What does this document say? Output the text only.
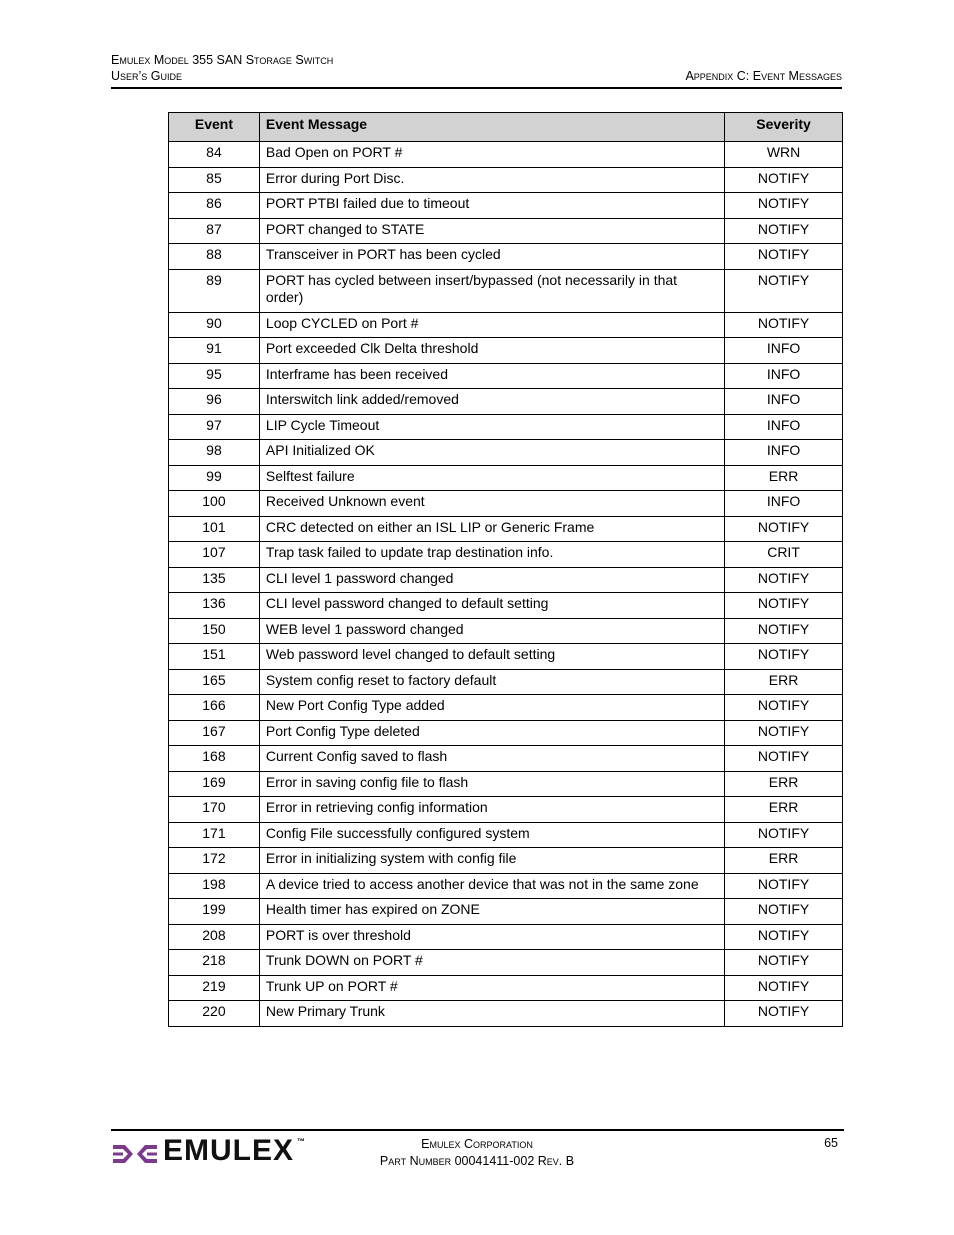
Emulex Model 355 SAN Storage Switch
User’s Guide	Appendix C: Event Messages
Event	Event Message	Severity
84	Bad Open on PORT #	WRN
85	Error during Port Disc.	NOTIFY
86	PORT PTBI failed due to timeout	NOTIFY
87	PORT changed to STATE	NOTIFY
88	Transceiver in PORT has been cycled	NOTIFY
89	PORT has cycled between insert/bypassed (not necessarily in that order)	NOTIFY
90	Loop CYCLED on Port #	NOTIFY
91	Port exceeded Clk Delta threshold	INFO
95	Interframe has been received	INFO
96	Interswitch link added/removed	INFO
97	LIP Cycle Timeout	INFO
98	API Initialized OK	INFO
99	Selftest failure	ERR
100	Received Unknown event	INFO
101	CRC detected on either an ISL LIP or Generic Frame	NOTIFY
107	Trap task failed to update trap destination info.	CRIT
135	CLI level 1 password changed	NOTIFY
136	CLI level password changed to default setting	NOTIFY
150	WEB level 1 password changed	NOTIFY
151	Web password level changed to default setting	NOTIFY
165	System config reset to factory default	ERR
166	New Port Config Type added	NOTIFY
167	Port Config Type deleted	NOTIFY
168	Current Config saved to flash	NOTIFY
169	Error in saving config file to flash	ERR
170	Error in retrieving config information	ERR
171	Config File successfully configured system	NOTIFY
172	Error in initializing system with config file	ERR
198	A device tried to access another device that was not in the same zone	NOTIFY
199	Health timer has expired on ZONE	NOTIFY
208	PORT is over threshold	NOTIFY
218	Trunk DOWN on PORT #	NOTIFY
219	Trunk UP on PORT #	NOTIFY
220	New Primary Trunk	NOTIFY
EMULEX ™	Emulex Corporation
Part Number 00041411-002 Rev. B
65
